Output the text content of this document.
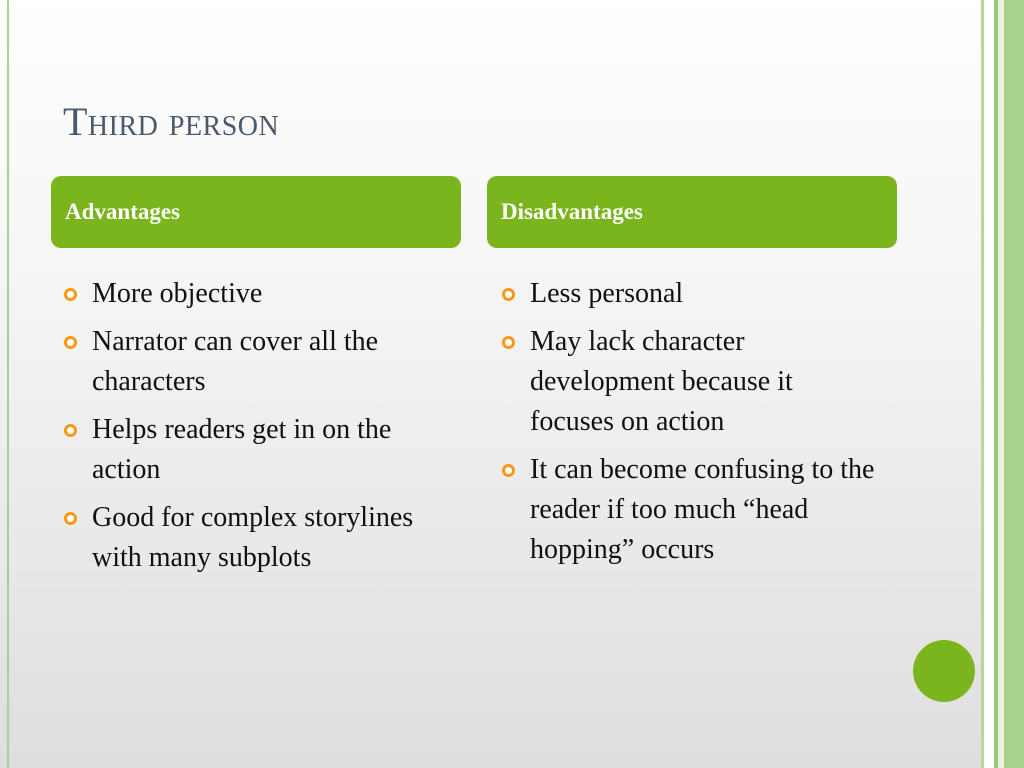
Third person
Advantages	Disadvantages
More objective
Narrator can cover all the characters
Helps readers get in on the action
Good for complex storylines with many subplots
Less personal
May lack character development because it focuses on action
It can become confusing to the reader if too much “head hopping” occurs
